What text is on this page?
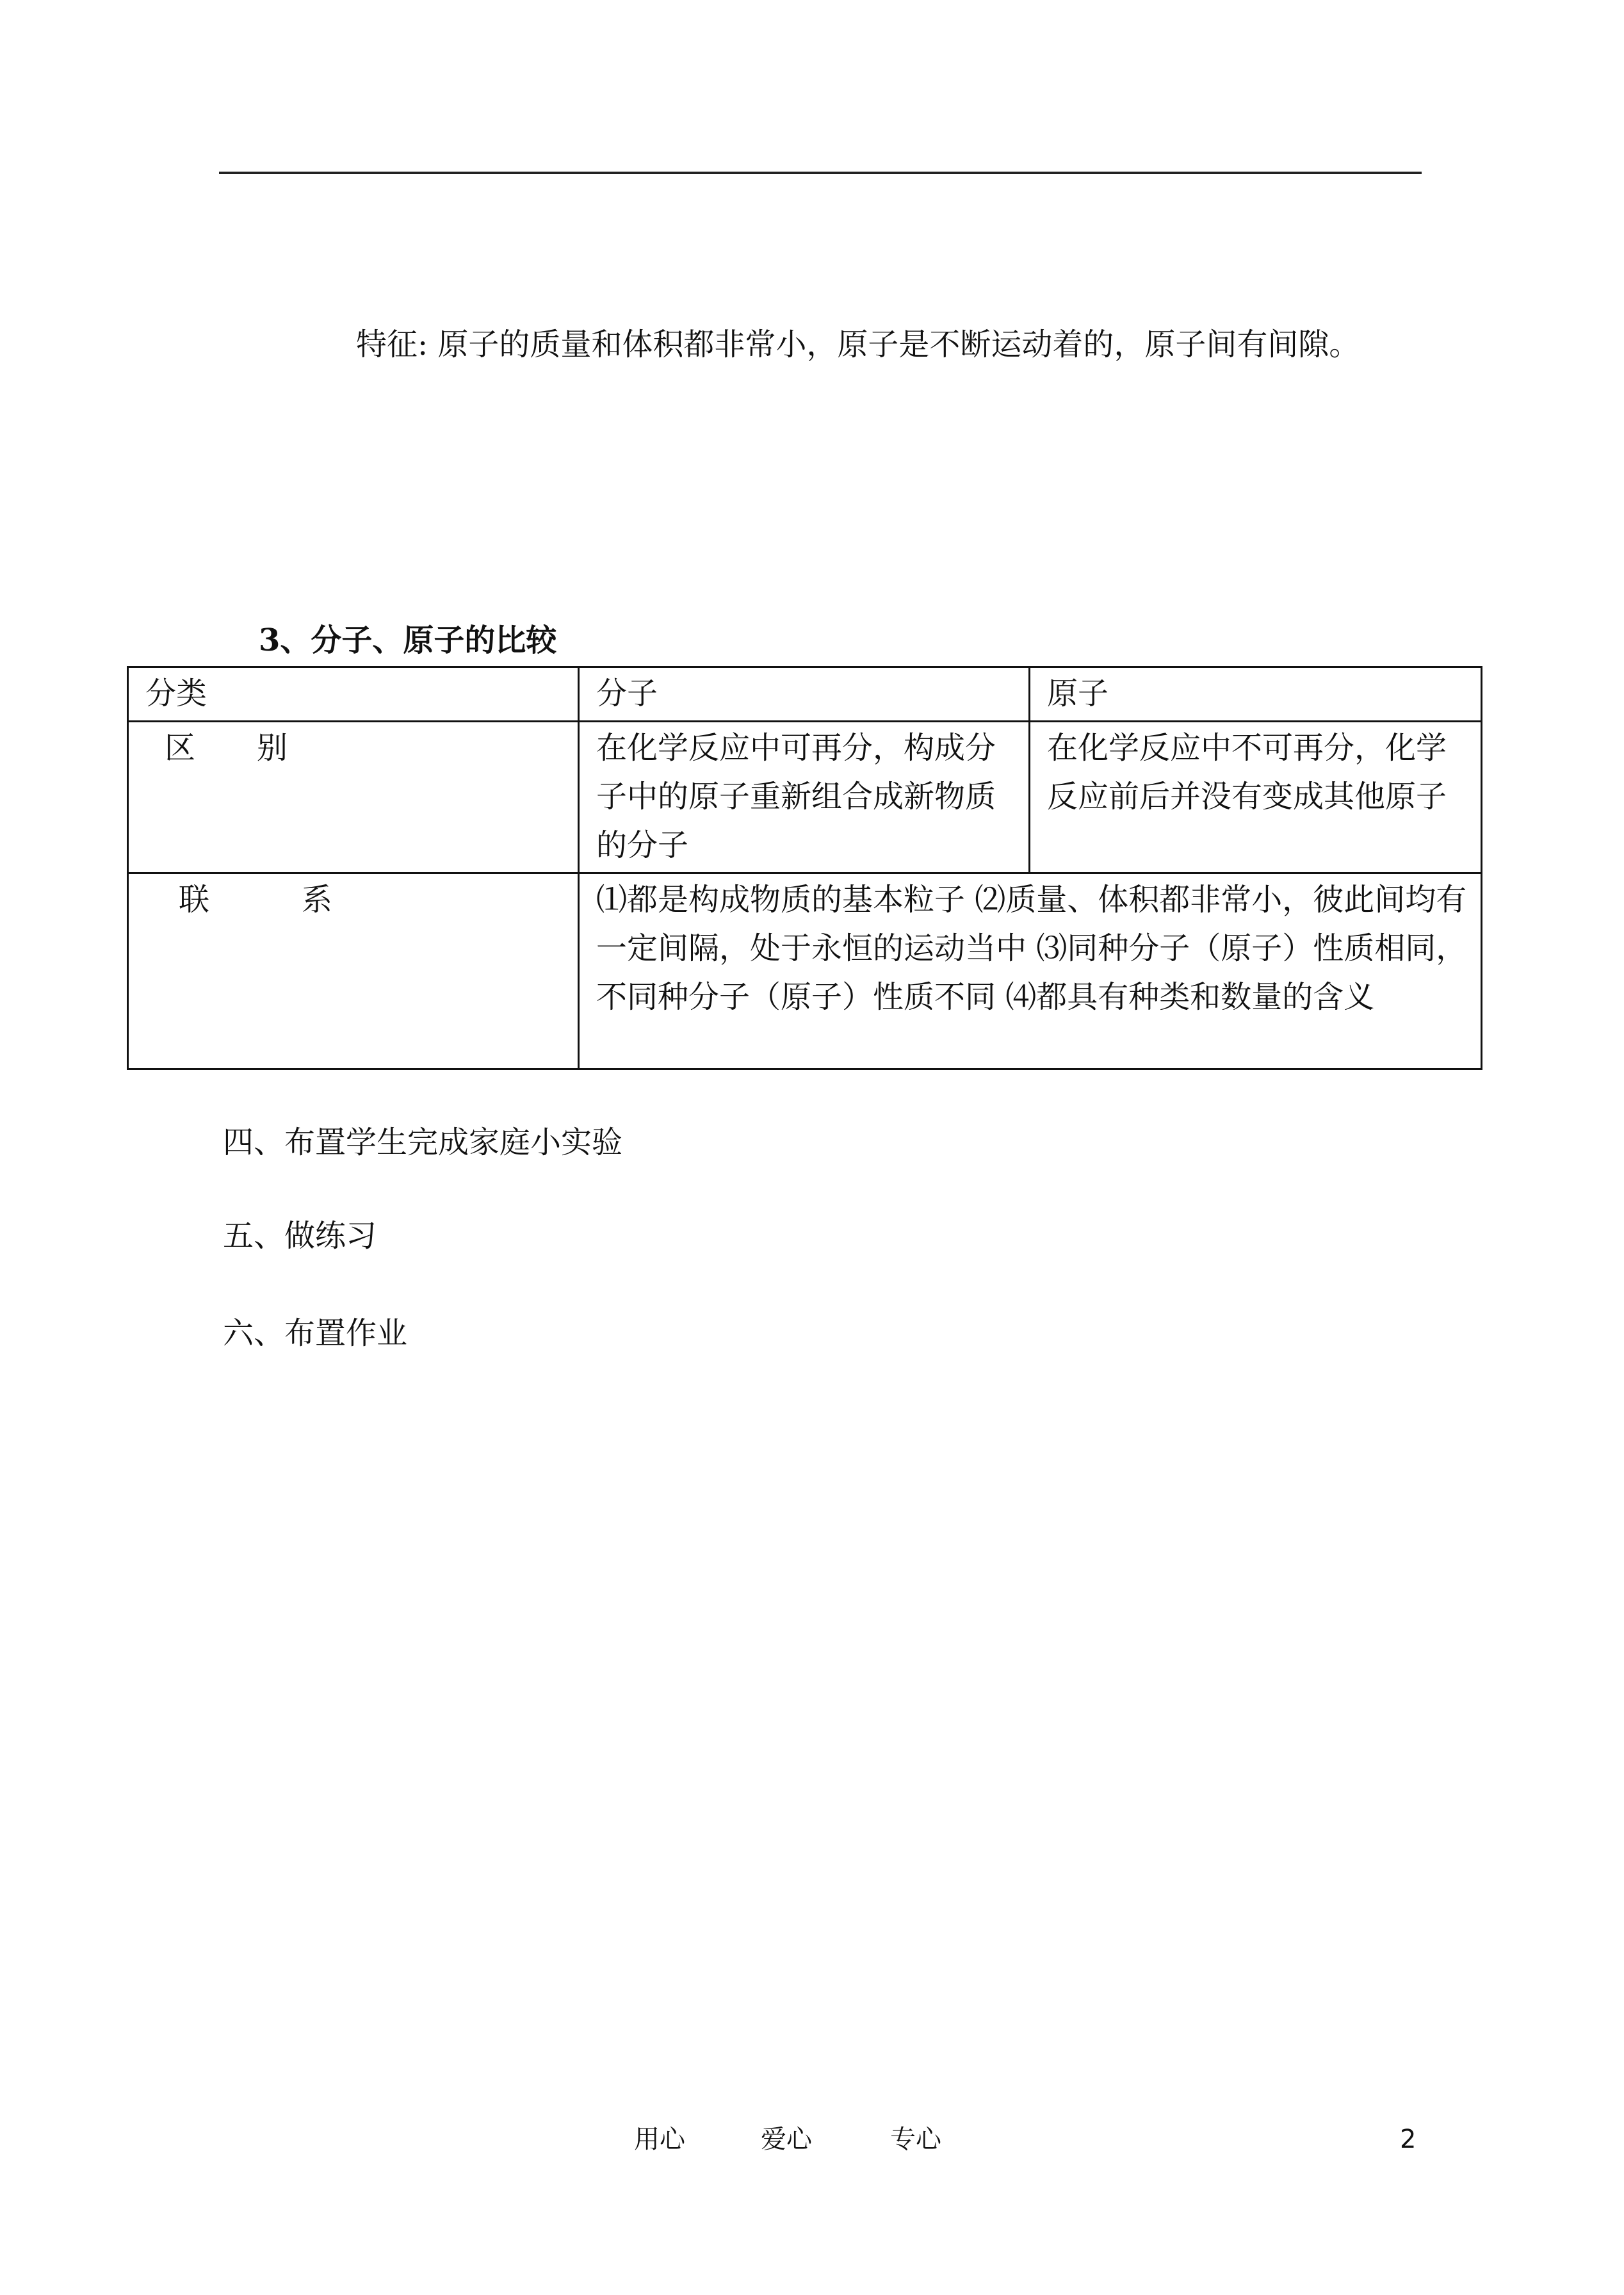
特征: 原子的质量和体积都非常小，原子是不断运动着的，原子间有间隙。
3、分子、原子的比较
分类	分子	原子
区　　别	在化学反应中可再分，构成分子中的原子重新组合成新物质的分子	在化学反应中不可再分，化学反应前后并没有变成其他原子
联　　　系	⑴都是构成物质的基本粒子 ⑵质量、体积都非常小，彼此间均有一定间隔，处于永恒的运动当中 ⑶同种分子（原子）性质相同，不同种分子（原子）性质不同 ⑷都具有种类和数量的含义	
四、布置学生完成家庭小实验
五、做练习
六、布置作业
用心	爱心	专心	2
